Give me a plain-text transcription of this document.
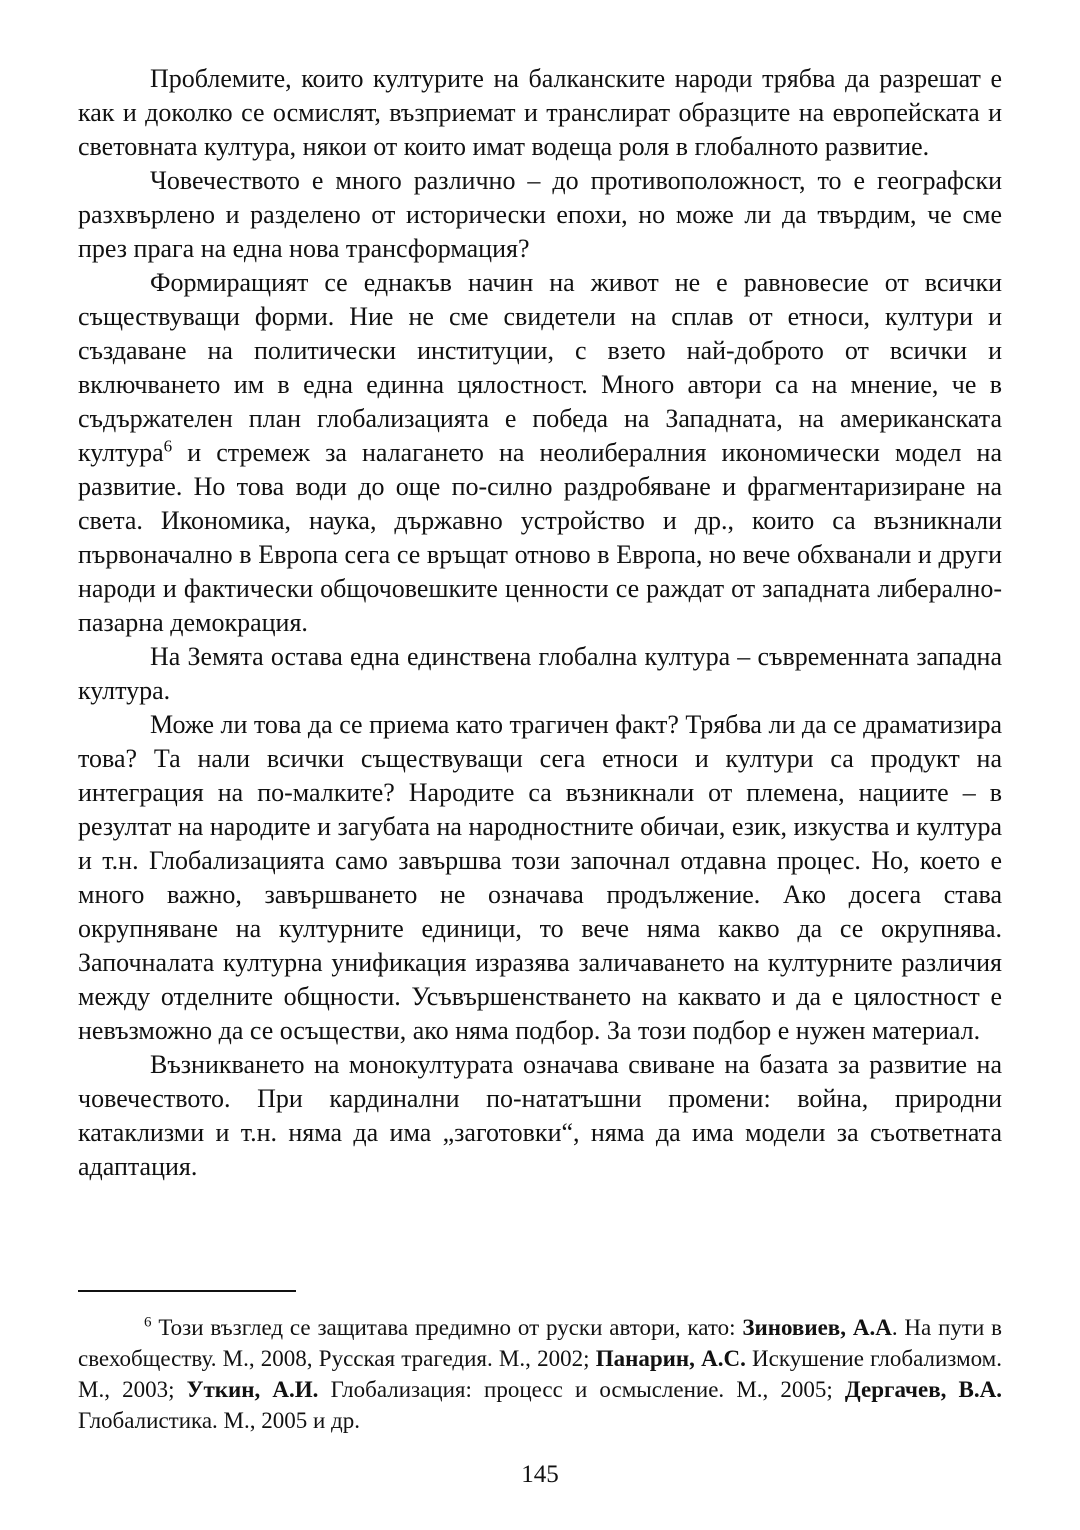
Проблемите, които културите на балканските народи трябва да разрешат е как и доколко се осмислят, възприемат и транслират образците на европейската и световната култура, някои от които имат водеща роля в глобалното развитие.

Човечеството е много различно – до противоположност, то е географски разхвърлено и разделено от исторически епохи, но може ли да твърдим, че сме през прага на една нова трансформация?

Формиращият се еднакъв начин на живот не е равновесие от всички съществуващи форми. Ние не сме свидетели на сплав от етноси, култури и създаване на политически институции, с взето най-доброто от всички и включването им в една единна цялостност. Много автори са на мнение, че в съдържателен план глобализацията е победа на Западната, на американската култура$^6$ и стремеж за налагането на неолибералния икономически модел на развитие. Но това води до още по-силно раздробяване и фрагментаризиране на света. Икономика, наука, държавно устройство и др., които са възникнали първоначално в Европа сега се връщат отново в Европа, но вече обхванали и други народи и фактически общочовешките ценности се раждат от западната либерално-пазарна демокрация.

На Земята остава една единствена глобална култура – съвременната западна култура.

Може ли това да се приема като трагичен факт? Трябва ли да се драматизира това? Та нали всички съществуващи сега етноси и култури са продукт на интеграция на по-малките? Народите са възникнали от племена, нациите – в резултат на народите и загубата на народностните обичаи, език, изкуства и култура и т.н. Глобализацията само завършва този започнал отдавна процес. Но, което е много важно, завършването не означава продължение. Ако досега става окрупняване на културните единици, то вече няма какво да се окрупнява. Започналата културна унификация изразява заличаването на културните различия между отделните общности. Усъвършенстването на каквато и да е цялостност е невъзможно да се осъществи, ако няма подбор. За този подбор е нужен материал.

Възникването на монокултурата означава свиване на базата за развитие на човечеството. При кардинални по-нататъшни промени: война, природни катаклизми и т.н. няма да има „заготовки“, няма да има модели за съответната адаптация.

$^6$ Този възглед се защитава предимно от руски автори, като: Зиновиев, А.А. На пути в свехобществу. М., 2008, Русская трагедия. М., 2002; Панарин, А.С. Искушение глобализмом. М., 2003; Уткин, А.И. Глобализация: процесс и осмысление. М., 2005; Дергачев, В.А. Глобалистика. М., 2005 и др.

145
